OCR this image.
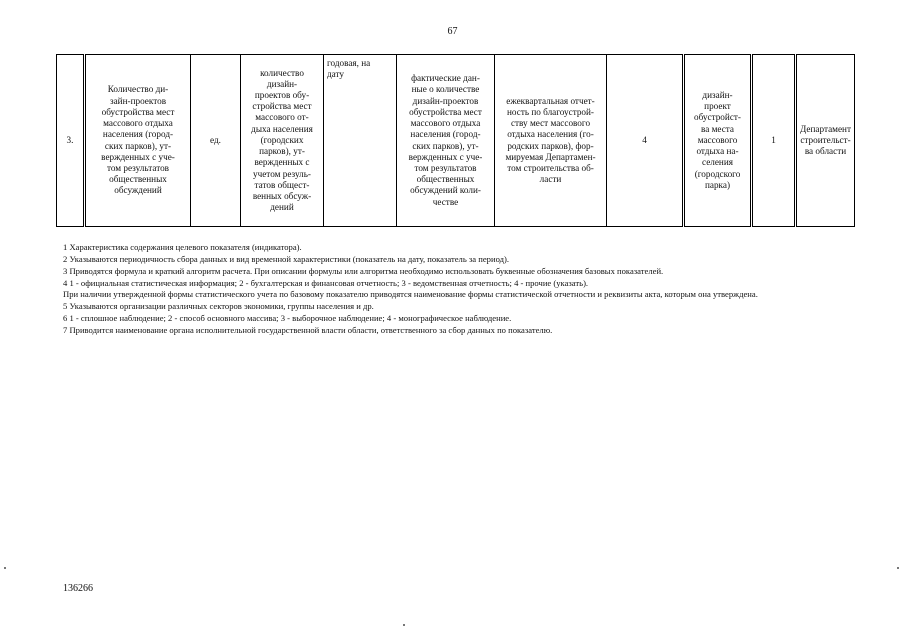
67
3.	Количество ди-
зайн-проектов
обустройства мест
массового отдыха
населения (город-
ских парков), ут-
вержденных с уче-
том результатов
общественных
обсуждений	ед.	количество
дизайн-
проектов обу-
стройства мест
массового от-
дыха населения
(городских
парков), ут-
вержденных с
учетом резуль-
татов общест-
венных обсуж-
дений	годовая, на
дату	фактические дан-
ные о количестве
дизайн-проектов
обустройства мест
массового отдыха
населения (город-
ских парков), ут-
вержденных с уче-
том результатов
общественных
обсуждений коли-
честве	ежеквартальная отчет-
ность по благоустрой-
ству мест массового
отдыха населения (го-
родских парков), фор-
мируемая Департамен-
том строительства об-
ласти	4	дизайн-
проект
обустройст-
ва места
массового
отдыха на-
селения
(городского
парка)	1	Департамент
строительст-
ва области

1 Характеристика содержания целевого показателя (индикатора).

2 Указываются периодичность сбора данных и вид временной характеристики (показатель на дату, показатель за период).

3 Приводятся формула и краткий алгоритм расчета. При описании формулы или алгоритма необходимо использовать буквенные обозначения базовых показателей.

4 1 - официальная статистическая информация; 2 - бухгалтерская и финансовая отчетность; 3 - ведомственная отчетность; 4 - прочие (указать).

При наличии утвержденной формы статистического учета по базовому показателю приводятся наименование формы статистической отчетности и реквизиты акта, которым она утверждена.

5 Указываются организации различных секторов экономики, группы населения и др.

6 1 - сплошное наблюдение; 2 - способ основного массива; 3 - выборочное наблюдение; 4 - монографическое наблюдение.

7 Приводится наименование органа исполнительной государственной власти области, ответственного за сбор данных по показателю.

136266
